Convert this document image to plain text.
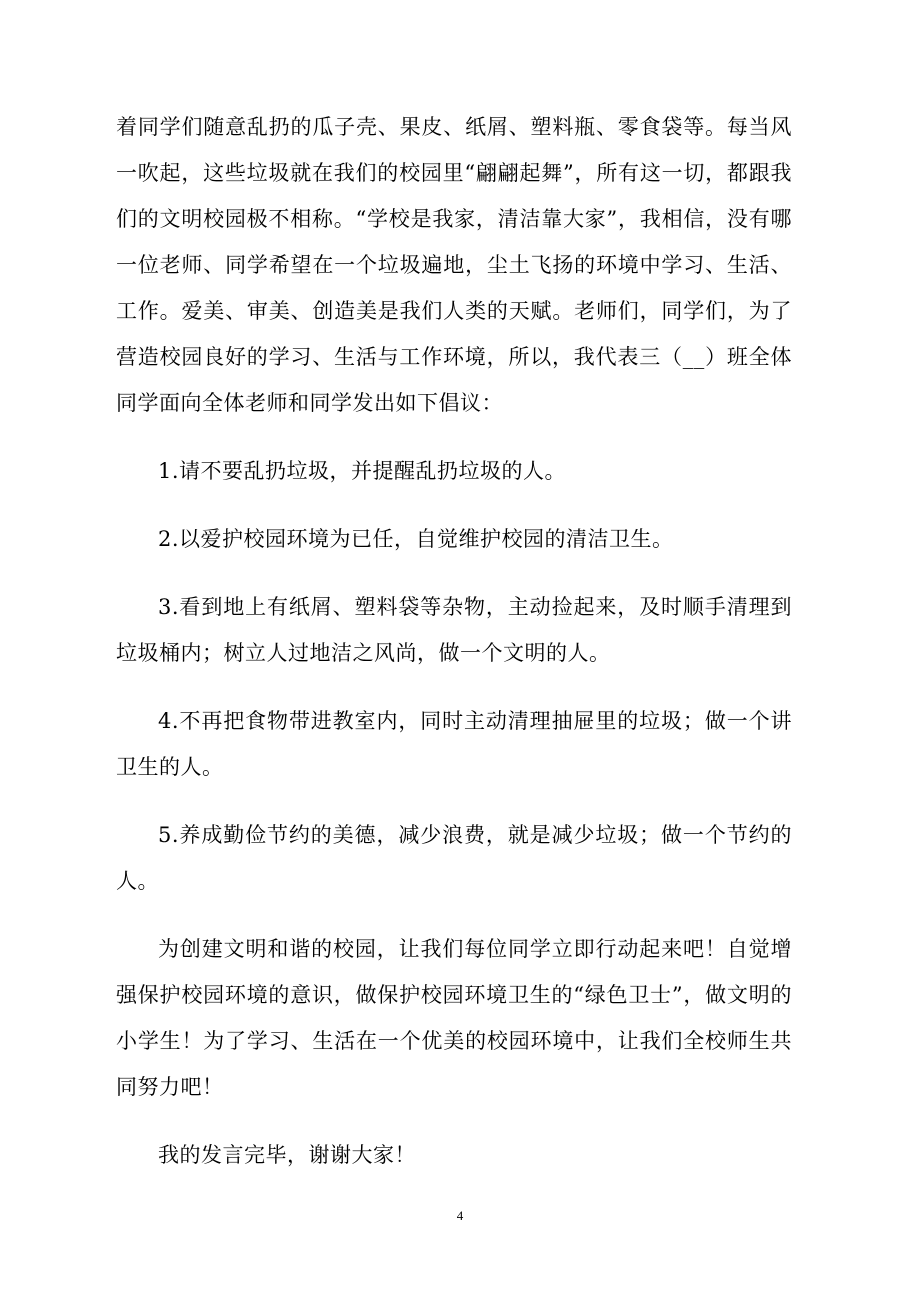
着同学们随意乱扔的瓜子壳、果皮、纸屑、塑料瓶、零食袋等。每当风一吹起，这些垃圾就在我们的校园里“翩翩起舞”，所有这一切，都跟我们的文明校园极不相称。“学校是我家，清洁靠大家”，我相信，没有哪一位老师、同学希望在一个垃圾遍地，尘土飞扬的环境中学习、生活、工作。爱美、审美、创造美是我们人类的天赋。老师们，同学们，为了营造校园良好的学习、生活与工作环境，所以，我代表三（__）班全体同学面向全体老师和同学发出如下倡议：

1.请不要乱扔垃圾，并提醒乱扔垃圾的人。

2.以爱护校园环境为已任，自觉维护校园的清洁卫生。

3.看到地上有纸屑、塑料袋等杂物，主动捡起来，及时顺手清理到垃圾桶内；树立人过地洁之风尚，做一个文明的人。

4.不再把食物带进教室内，同时主动清理抽屉里的垃圾；做一个讲卫生的人。

5.养成勤俭节约的美德，减少浪费，就是减少垃圾；做一个节约的人。

为创建文明和谐的校园，让我们每位同学立即行动起来吧！自觉增强保护校园环境的意识，做保护校园环境卫生的“绿色卫士”，做文明的小学生！为了学习、生活在一个优美的校园环境中，让我们全校师生共同努力吧！

我的发言完毕，谢谢大家！

4
